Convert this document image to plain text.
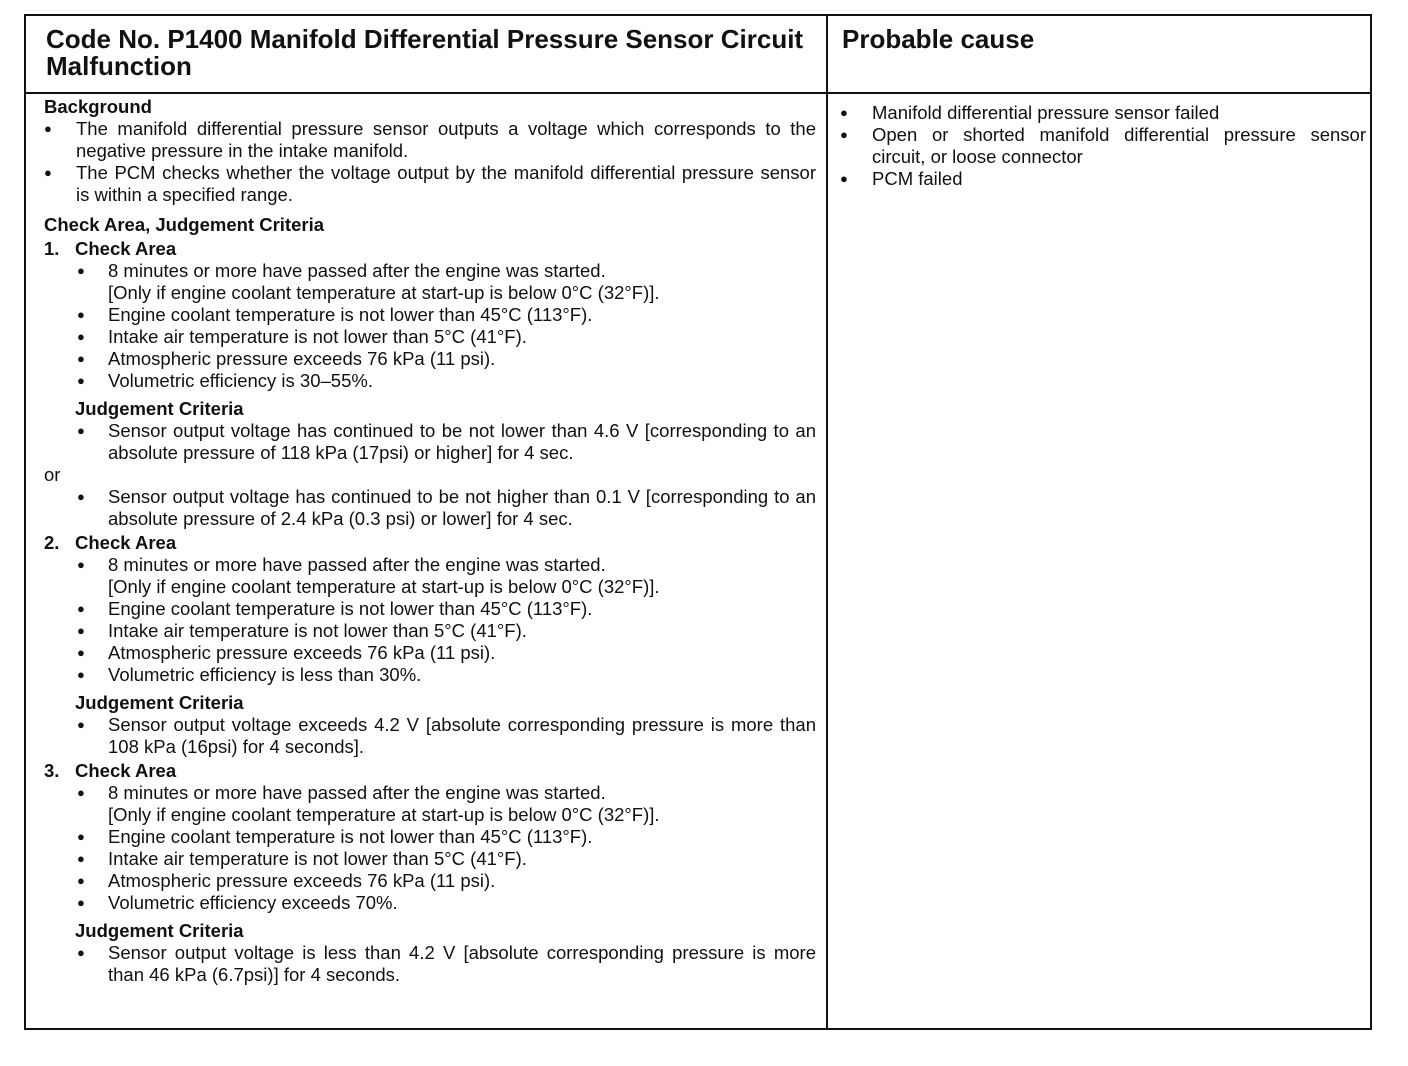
Code No. P1400 Manifold Differential Pressure Sensor Circuit Malfunction
Probable cause
Background
● The manifold differential pressure sensor outputs a voltage which corresponds to the negative pressure in the intake manifold.
● The PCM checks whether the voltage output by the manifold differential pressure sensor is within a specified range.
Check Area, Judgement Criteria
1. Check Area
● 8 minutes or more have passed after the engine was started.
[Only if engine coolant temperature at start-up is below 0°C (32°F)].
● Engine coolant temperature is not lower than 45°C (113°F).
● Intake air temperature is not lower than 5°C (41°F).
● Atmospheric pressure exceeds 76 kPa (11 psi).
● Volumetric efficiency is 30–55%.
Judgement Criteria
● Sensor output voltage has continued to be not lower than 4.6 V [corresponding to an absolute pressure of 118 kPa (17psi) or higher] for 4 sec.
or
● Sensor output voltage has continued to be not higher than 0.1 V [corresponding to an absolute pressure of 2.4 kPa (0.3 psi) or lower] for 4 sec.
2. Check Area
● 8 minutes or more have passed after the engine was started.
[Only if engine coolant temperature at start-up is below 0°C (32°F)].
● Engine coolant temperature is not lower than 45°C (113°F).
● Intake air temperature is not lower than 5°C (41°F).
● Atmospheric pressure exceeds 76 kPa (11 psi).
● Volumetric efficiency is less than 30%.
Judgement Criteria
● Sensor output voltage exceeds 4.2 V [absolute corresponding pressure is more than 108 kPa (16psi) for 4 seconds].
3. Check Area
● 8 minutes or more have passed after the engine was started.
[Only if engine coolant temperature at start-up is below 0°C (32°F)].
● Engine coolant temperature is not lower than 45°C (113°F).
● Intake air temperature is not lower than 5°C (41°F).
● Atmospheric pressure exceeds 76 kPa (11 psi).
● Volumetric efficiency exceeds 70%.
Judgement Criteria
● Sensor output voltage is less than 4.2 V [absolute corresponding pressure is more than 46 kPa (6.7psi)] for 4 seconds.
● Manifold differential pressure sensor failed
● Open or shorted manifold differential pressure sensor circuit, or loose connector
● PCM failed
